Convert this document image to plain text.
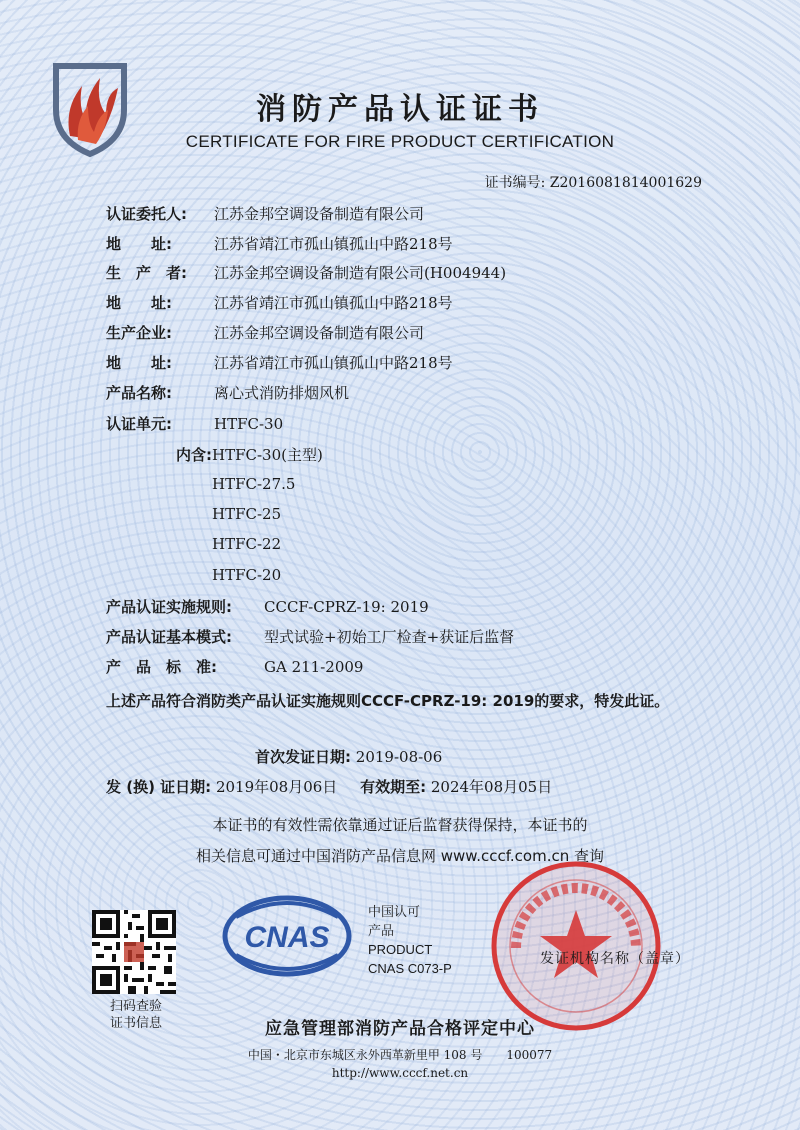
消防产品认证证书
CERTIFICATE FOR FIRE PRODUCT CERTIFICATION
证书编号: Z2016081814001629
认证委托人: 江苏金邦空调设备制造有限公司
地　　址:	江苏省靖江市孤山镇孤山中路218号
生　产　者: 江苏金邦空调设备制造有限公司(H004944)
地　　址:	江苏省靖江市孤山镇孤山中路218号
生产企业:	江苏金邦空调设备制造有限公司
地　　址:	江苏省靖江市孤山镇孤山中路218号
产品名称:	离心式消防排烟风机
认证单元:	HTFC-30
内含: HTFC-30(主型)
HTFC-27.5
HTFC-25
HTFC-22
HTFC-20
产品认证实施规则: CCCF-CPRZ-19: 2019
产品认证基本模式: 型式试验+初始工厂检查+获证后监督
产　品　标　准:	GA 211-2009
上述产品符合消防类产品认证实施规则CCCF-CPRZ-19: 2019的要求，特发此证。
首次发证日期: 2019-08-06
发 (换) 证日期: 2019年08月06日 有效期至: 2024年08月05日
本证书的有效性需依靠通过证后监督获得保持，本证书的
相关信息可通过中国消防产品信息网 www.cccf.com.cn 查询
扫码查验
证书信息
CNAS
中国认可
产品
PRODUCT
CNAS C073-P
发证机构名称（盖章）
应急管理部消防产品合格评定中心
中国・北京市东城区永外西革新里甲 108 号　　100077
http://www.cccf.net.cn
